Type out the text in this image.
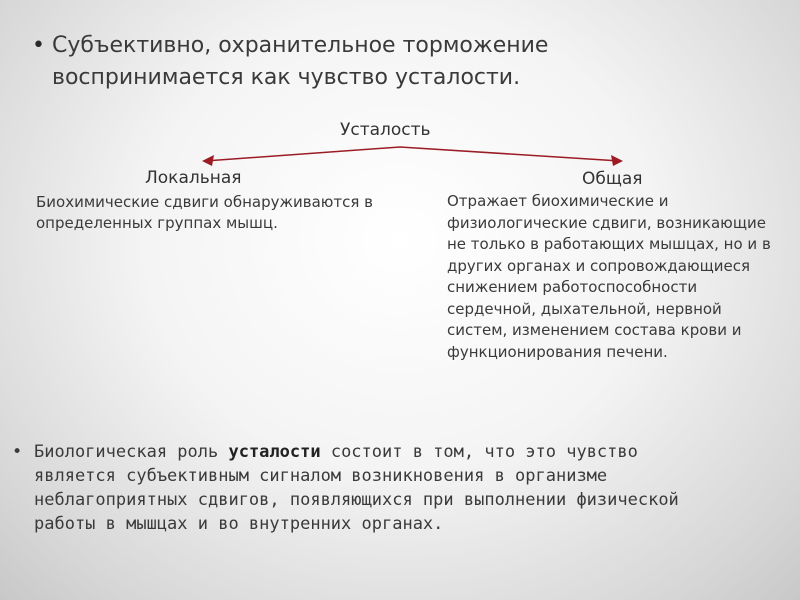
• Субъективно, охранительное торможение воспринимается как чувство усталости.
Усталость
Локальная	Общая
Биохимические сдвиги обнаруживаются в определенных группах мышц.
Отражает биохимические и физиологические сдвиги, возникающие не только в работающих мышцах, но и в других органах и сопровождающиеся снижением работоспособности сердечной, дыхательной, нервной систем, изменением состава крови и функционирования печени.
• Биологическая роль усталости состоит в том, что это чувство является субъективным сигналом возникновения в организме неблагоприятных сдвигов, появляющихся при выполнении физической работы в мышцах и во внутренних органах.
